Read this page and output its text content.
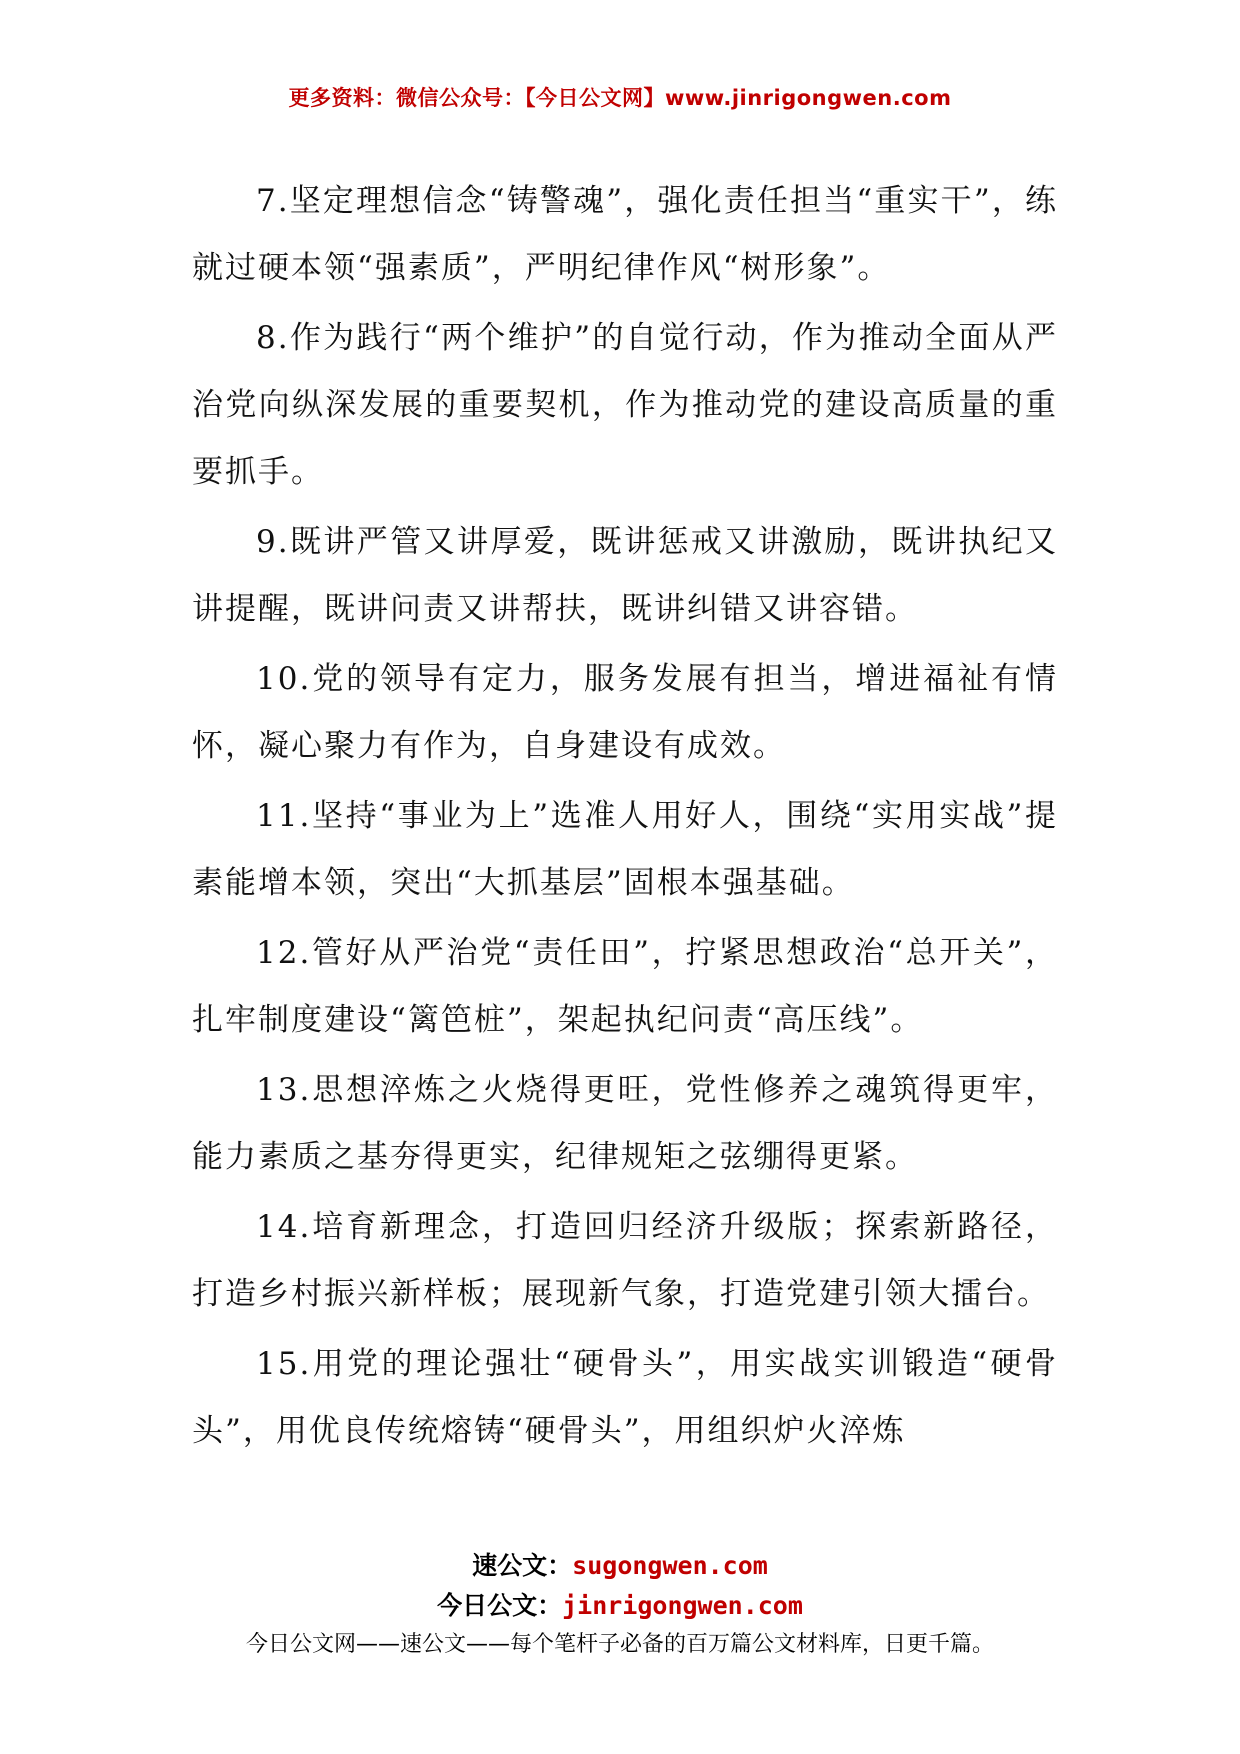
更多资料：微信公众号：【今日公文网】www.jinrigongwen.com

7.坚定理想信念“铸警魂”，强化责任担当“重实干”，练就过硬本领“强素质”，严明纪律作风“树形象”。

8.作为践行“两个维护”的自觉行动，作为推动全面从严治党向纵深发展的重要契机，作为推动党的建设高质量的重要抓手。

9.既讲严管又讲厚爱，既讲惩戒又讲激励，既讲执纪又讲提醒，既讲问责又讲帮扶，既讲纠错又讲容错。

10.党的领导有定力，服务发展有担当，增进福祉有情怀，凝心聚力有作为，自身建设有成效。

11.坚持“事业为上”选准人用好人，围绕“实用实战”提素能增本领，突出“大抓基层”固根本强基础。

12.管好从严治党“责任田”，拧紧思想政治“总开关”，扎牢制度建设“篱笆桩”，架起执纪问责“高压线”。

13.思想淬炼之火烧得更旺，党性修养之魂筑得更牢，能力素质之基夯得更实，纪律规矩之弦绷得更紧。

14.培育新理念，打造回归经济升级版；探索新路径，打造乡村振兴新样板；展现新气象，打造党建引领大擂台。

15.用党的理论强壮“硬骨头”，用实战实训锻造“硬骨头”，用优良传统熔铸“硬骨头”，用组织炉火淬炼

速公文：sugongwen.com
今日公文：jinrigongwen.com
今日公文网——速公文——每个笔杆子必备的百万篇公文材料库，日更千篇。
